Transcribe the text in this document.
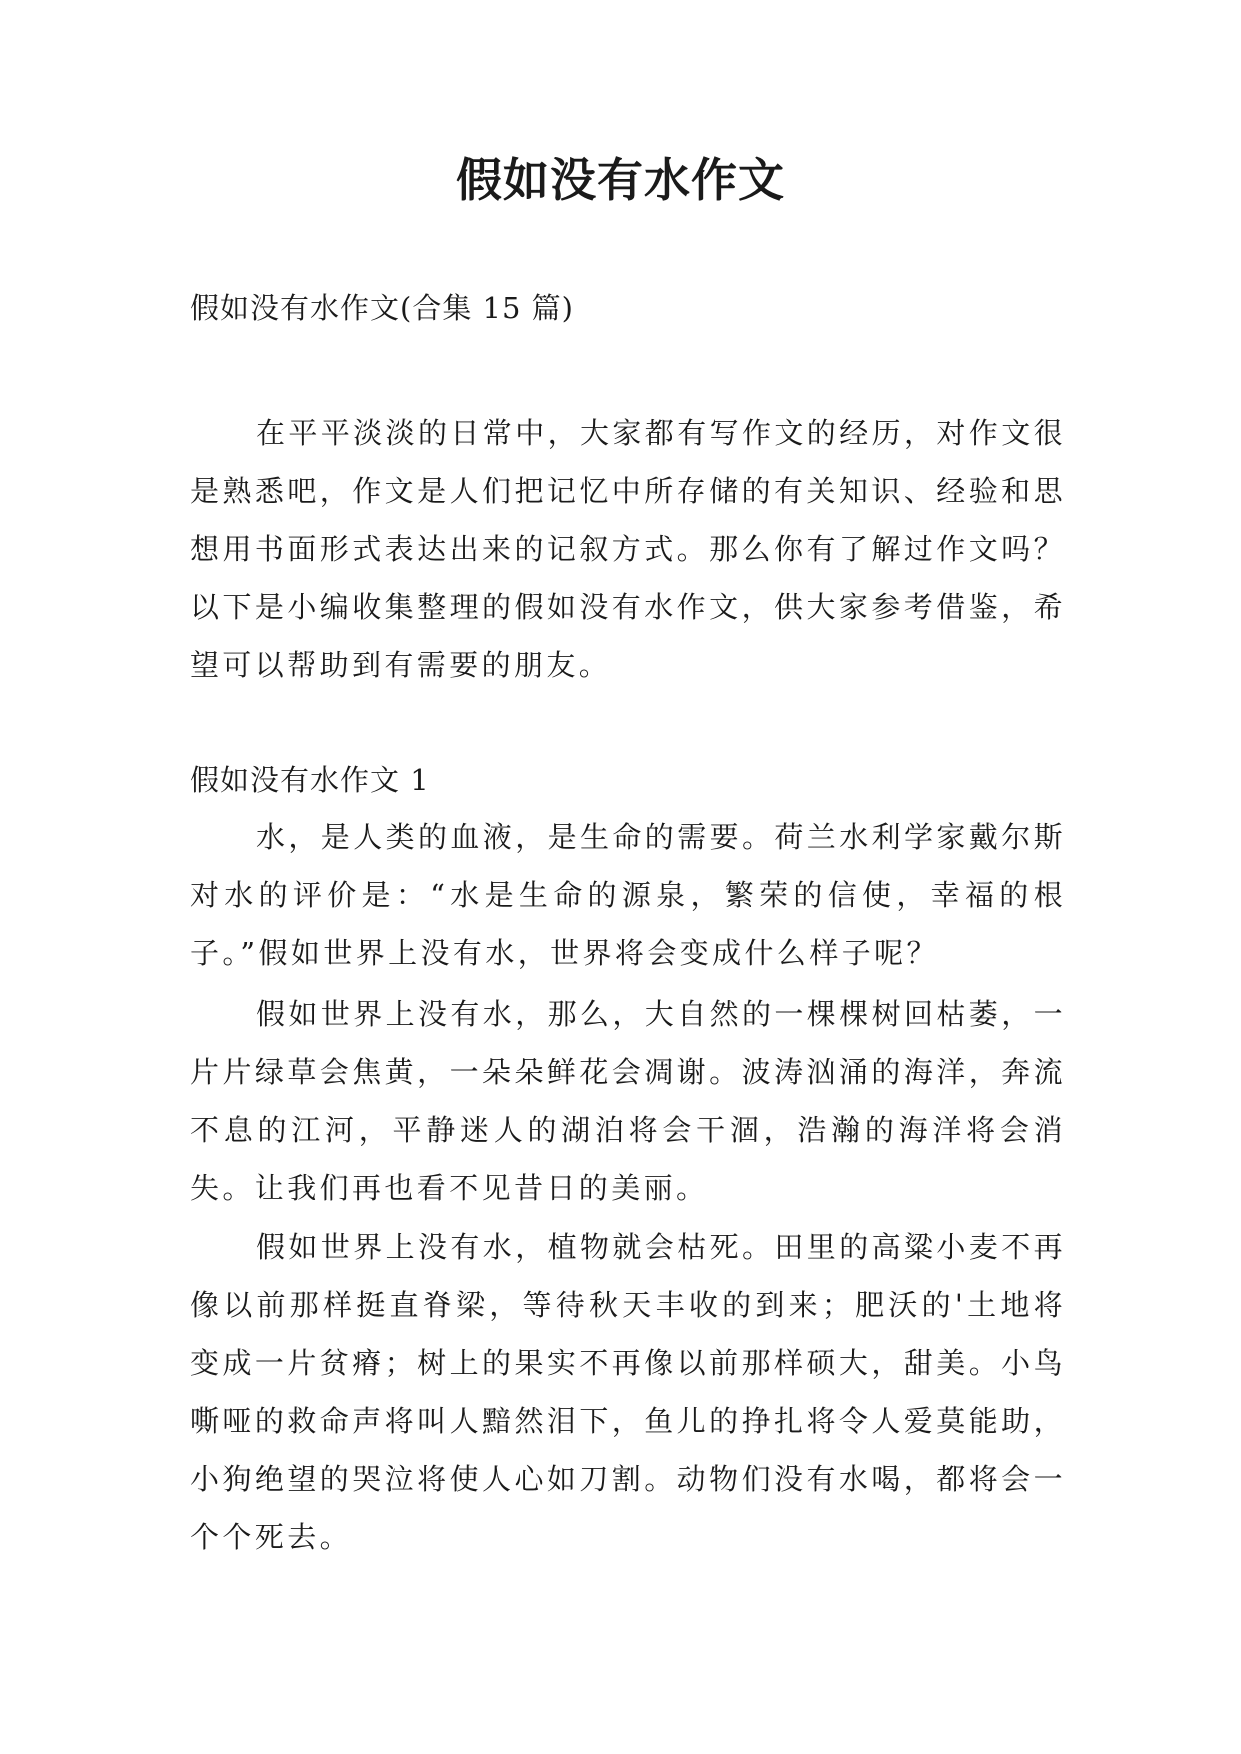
假如没有水作文

假如没有水作文(合集 15 篇)

在平平淡淡的日常中，大家都有写作文的经历，对作文很是熟悉吧，作文是人们把记忆中所存储的有关知识、经验和思想用书面形式表达出来的记叙方式。那么你有了解过作文吗？以下是小编收集整理的假如没有水作文，供大家参考借鉴，希望可以帮助到有需要的朋友。

假如没有水作文 1

水，是人类的血液，是生命的需要。荷兰水利学家戴尔斯对水的评价是：“水是生命的源泉，繁荣的信使，幸福的根子。”假如世界上没有水，世界将会变成什么样子呢？

假如世界上没有水，那么，大自然的一棵棵树回枯萎，一片片绿草会焦黄，一朵朵鲜花会凋谢。波涛汹涌的海洋，奔流不息的江河，平静迷人的湖泊将会干涸，浩瀚的海洋将会消失。让我们再也看不见昔日的美丽。

假如世界上没有水，植物就会枯死。田里的高粱小麦不再像以前那样挺直脊梁，等待秋天丰收的到来；肥沃的'土地将变成一片贫瘠；树上的果实不再像以前那样硕大，甜美。小鸟嘶哑的救命声将叫人黯然泪下，鱼儿的挣扎将令人爱莫能助，小狗绝望的哭泣将使人心如刀割。动物们没有水喝，都将会一个个死去。
